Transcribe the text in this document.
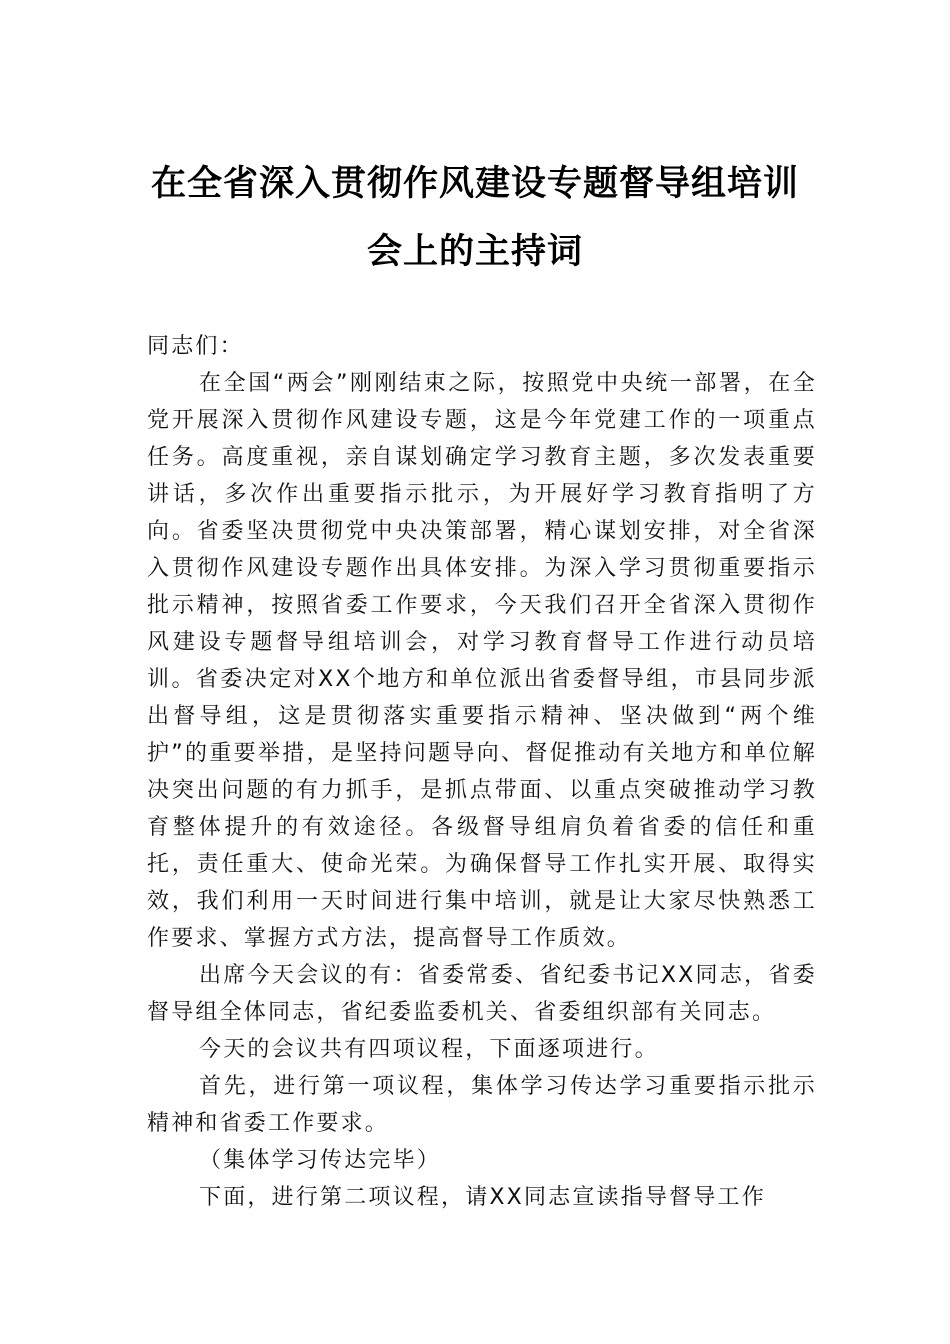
在全省深入贯彻作风建设专题督导组培训
会上的主持词

同志们：

在全国“两会”刚刚结束之际，按照党中央统一部署，在全党开展深入贯彻作风建设专题，这是今年党建工作的一项重点任务。高度重视，亲自谋划确定学习教育主题，多次发表重要讲话，多次作出重要指示批示，为开展好学习教育指明了方向。省委坚决贯彻党中央决策部署，精心谋划安排，对全省深入贯彻作风建设专题作出具体安排。为深入学习贯彻重要指示批示精神，按照省委工作要求，今天我们召开全省深入贯彻作风建设专题督导组培训会，对学习教育督导工作进行动员培训。省委决定对XX个地方和单位派出省委督导组，市县同步派出督导组，这是贯彻落实重要指示精神、坚决做到“两个维护”的重要举措，是坚持问题导向、督促推动有关地方和单位解决突出问题的有力抓手，是抓点带面、以重点突破推动学习教育整体提升的有效途径。各级督导组肩负着省委的信任和重托，责任重大、使命光荣。为确保督导工作扎实开展、取得实效，我们利用一天时间进行集中培训，就是让大家尽快熟悉工作要求、掌握方式方法，提高督导工作质效。

出席今天会议的有：省委常委、省纪委书记XX同志，省委督导组全体同志，省纪委监委机关、省委组织部有关同志。

今天的会议共有四项议程，下面逐项进行。

首先，进行第一项议程，集体学习传达学习重要指示批示精神和省委工作要求。

（集体学习传达完毕）

下面，进行第二项议程，请XX同志宣读指导督导工作
